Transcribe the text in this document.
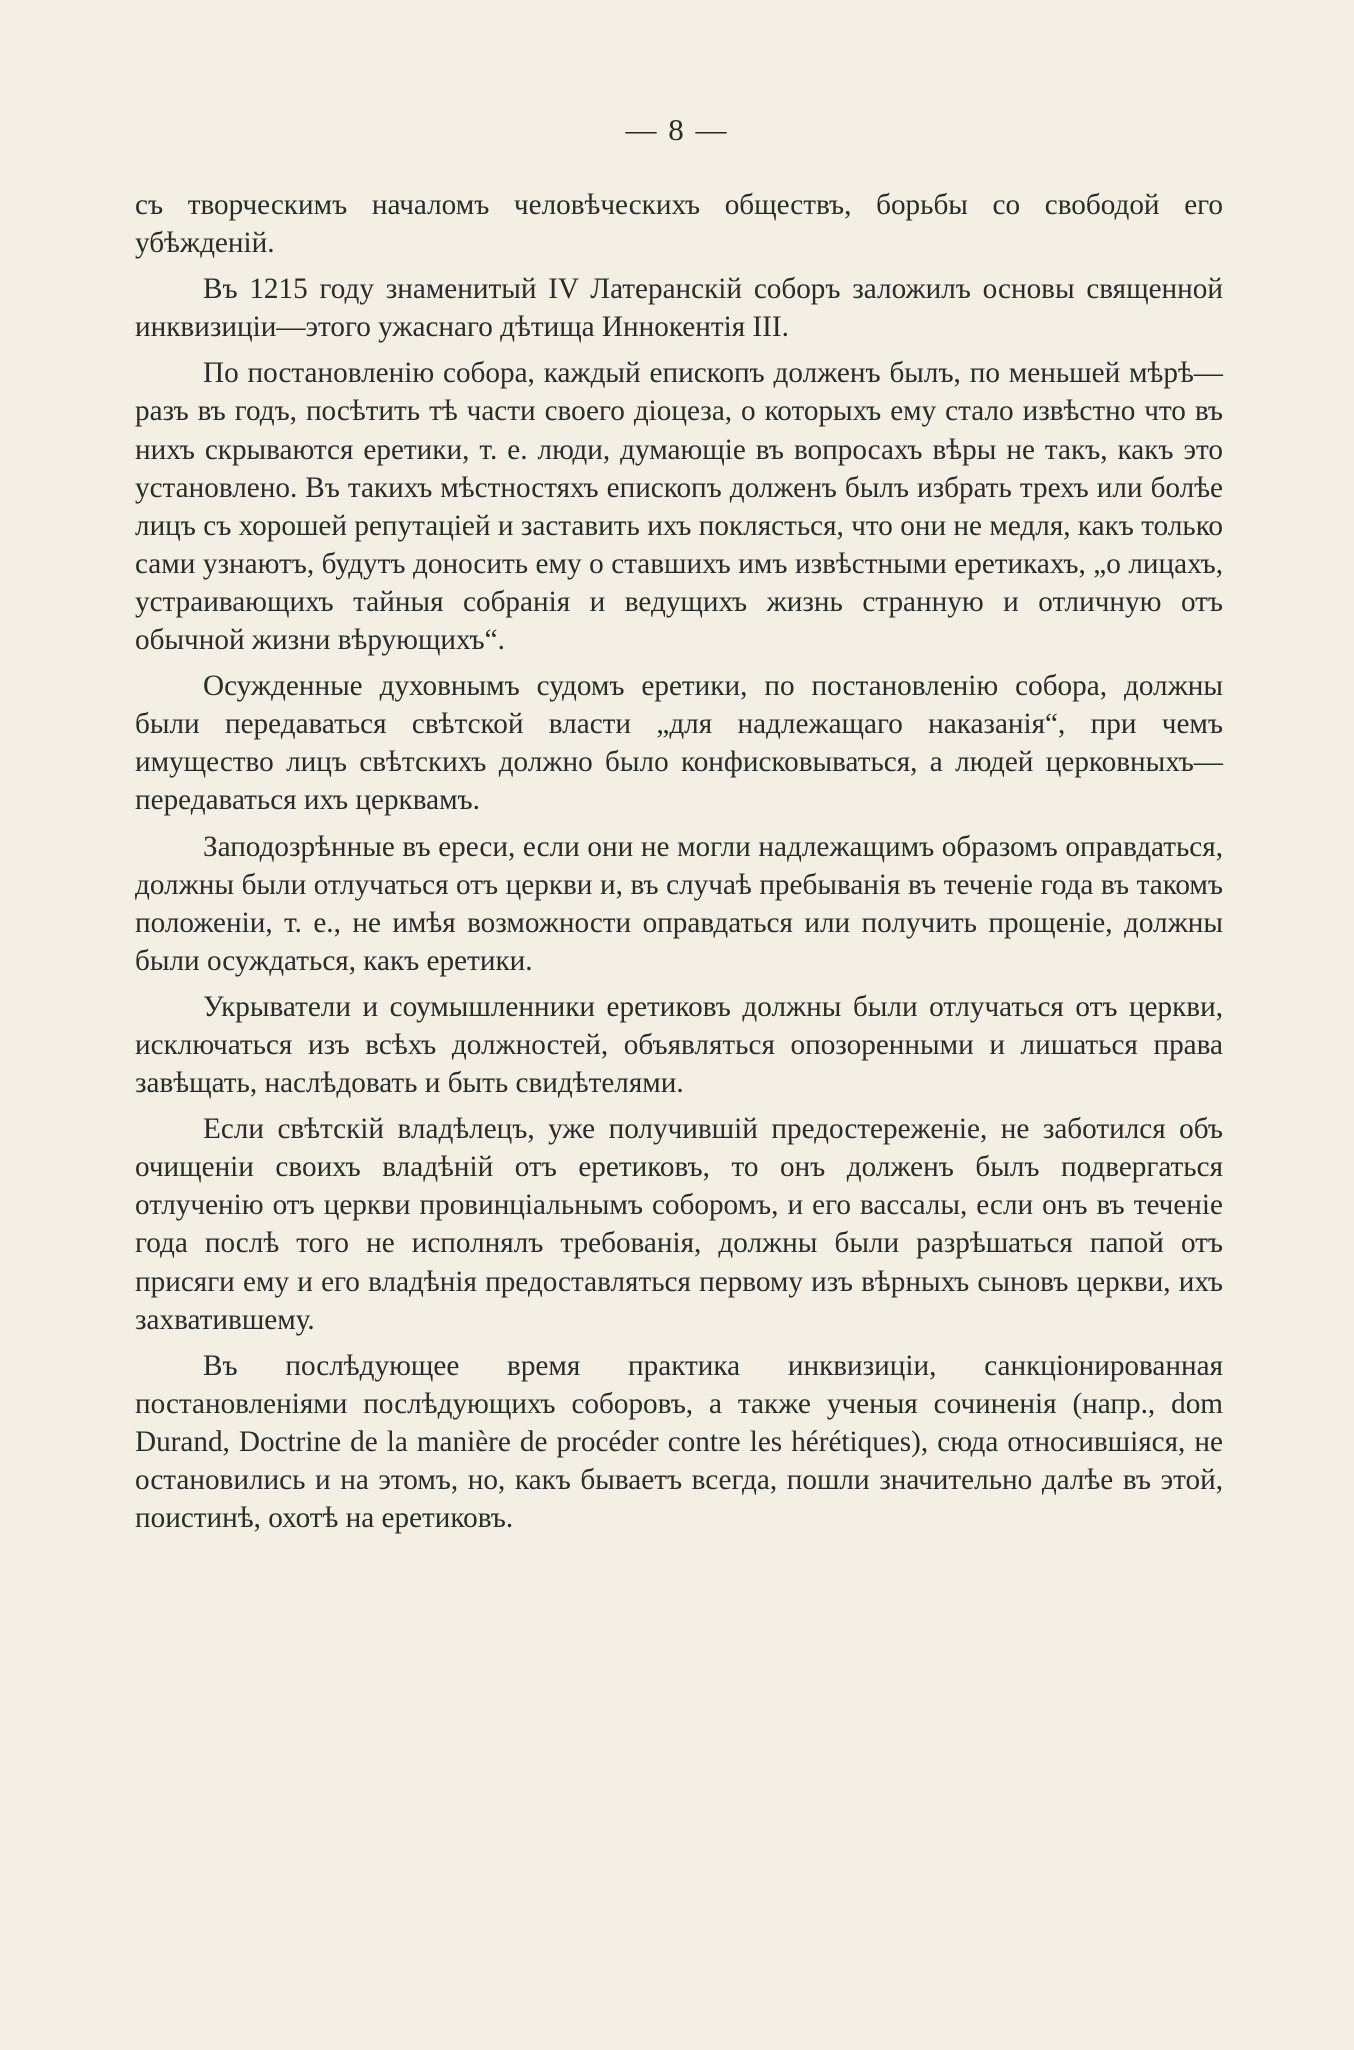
— 8 —

съ творческимъ началомъ человѣческихъ обществъ, борьбы со свободой его убѣжденій.

Въ 1215 году знаменитый IV Латеранскій соборъ заложилъ основы священной инквизиціи—этого ужаснаго дѣтища Иннокентія III.

По постановленію собора, каждый епископъ долженъ былъ, по меньшей мѣрѣ—разъ въ годъ, посѣтить тѣ части своего діоцеза, о которыхъ ему стало извѣстно что въ нихъ скрываются еретики, т. е. люди, думающіе въ вопросахъ вѣры не такъ, какъ это установлено. Въ такихъ мѣстностяхъ епископъ долженъ былъ избрать трехъ или болѣе лицъ съ хорошей репутаціей и заставить ихъ поклясться, что они не медля, какъ только сами узнаютъ, будутъ доносить ему о ставшихъ имъ извѣстными еретикахъ, „о лицахъ, устраивающихъ тайныя собранія и ведущихъ жизнь странную и отличную отъ обычной жизни вѣрующихъ“.

Осужденные духовнымъ судомъ еретики, по постановленію собора, должны были передаваться свѣтской власти „для надлежащаго наказанія“, при чемъ имущество лицъ свѣтскихъ должно было конфисковываться, а людей церковныхъ—передаваться ихъ церквамъ.

Заподозрѣнные въ ереси, если они не могли надлежащимъ образомъ оправдаться, должны были отлучаться отъ церкви и, въ случаѣ пребыванія въ теченіе года въ такомъ положеніи, т. е., не имѣя возможности оправдаться или получить прощеніе, должны были осуждаться, какъ еретики.

Укрыватели и соумышленники еретиковъ должны были отлучаться отъ церкви, исключаться изъ всѣхъ должностей, объявляться опозоренными и лишаться права завѣщать, наслѣдовать и быть свидѣтелями.

Если свѣтскій владѣлецъ, уже получившій предостереженіе, не заботился объ очищеніи своихъ владѣній отъ еретиковъ, то онъ долженъ былъ подвергаться отлученію отъ церкви провинціальнымъ соборомъ, и его вассалы, если онъ въ теченіе года послѣ того не исполнялъ требованія, должны были разрѣшаться папой отъ присяги ему и его владѣнія предоставляться первому изъ вѣрныхъ сыновъ церкви, ихъ захватившему.

Въ послѣдующее время практика инквизиціи, санкціонированная постановленіями послѣдующихъ соборовъ, а также ученыя сочиненія (напр., dom Durand, Doctrine de la manière de procéder contre les hérétiques), сюда относившіяся, не остановились и на этомъ, но, какъ бываетъ всегда, пошли значительно далѣе въ этой, поистинѣ, охотѣ на еретиковъ.
